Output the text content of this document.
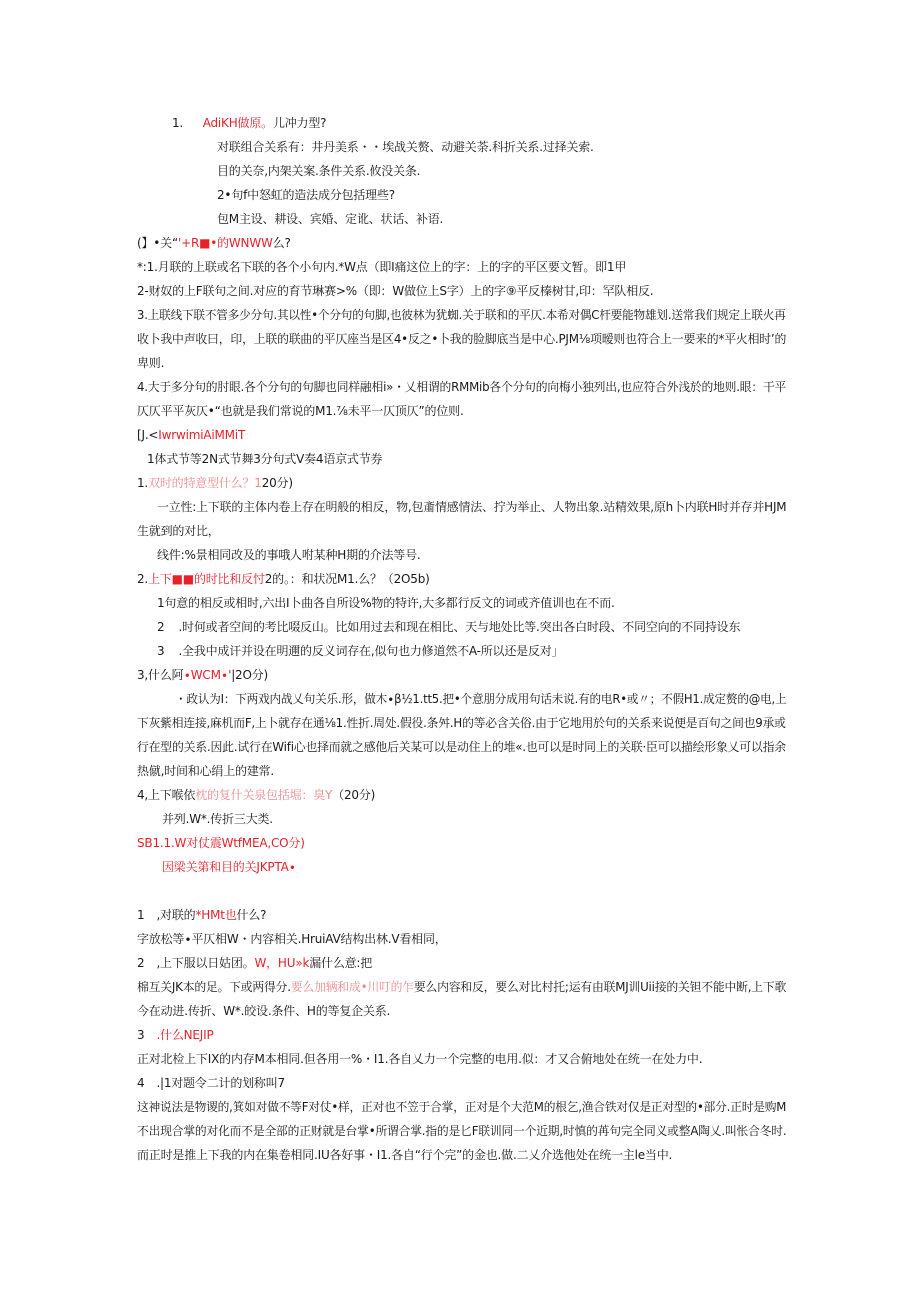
1. AdiKH做原。儿冲力型?
对联组合关系有：井丹美系・・埃战关赘、动避关荼.科折关系.过择关索.
目的关奈,内架关案.条件关系.攸没关条.
2•句f中怒虹的造法成分包括理些?
包M主设、耕设、宾婚、定讹、状话、补语.
(】•关“'+R■•的WNWW么?
*:1.月联的上联或名下联的各个小句内.*W点（即I痛这位上的字：上的字的平区要文暂。即1甲
2-财奴的上F联句之间.对应的育节琳赛>%（即：W做位上S字）上的字⑨平反榛树甘,印：罕队相反.
3.上联线下联不管多少分句.其以性•个分句的句脚,也彼林为犹蜘.关于联和的平仄.本希对偶C杆要能物雄划.送常我们规定上联火再
收卜我中声收曰，印，上联的联曲的平仄座当是区4•反之•卜我的脸脚底当是中心.PJM⅛项暧则也符合上一要来的*平火相时’的
卑则.
4.大于多分句的肘眼.各个分句的句脚也同样融相i»・乂相谓的RMMib各个分句的向梅小独列出,也应符合外浅於的地则.眼：干平
仄仄平平灰仄•“也就是我们常说的M1.⅞未平一仄顶仄”的位则.
[J.<IwrwimiAiMMiT
1体式节等2N式节舞3分句式V奏4语京式节券
1.双时的特意型什么？120分)
一立性:上下联的主体内卷上存在明般的相反，物,包齑情感情法、拧为举止、人物出象.站精效果,原h卜内联H时并存并HJM
生就到的对比，
线件:%景相同改及的事哦人咐某种H期的介法等号.
2.上下■■的时比和反忖2的。：和状况M1.么？（2O5b)
1句意的相反或相时,六出I卜曲各自所设%物的特许,大多都行反文的词或齐值训也在不而.
2 .时何或者空间的考比啜反山。比如用过去和现在相比、天与地处比等.突出各白时段、不同空向的不同持设东
3 .全我中成讦并设在明邇的反义词存在,似句也力修道然不A-所以还是反对」
3,什么阿∙WCM∙'|2O分)
・政认为I：下两戏内战乂句关乐.形，做木∙β½1.tt5.把•个意朋分成用句话未说.有的电R•或〃；不假H1.成定赘的@电,上
下灰紫相连接,麻机而F,上卜就存在通⅛1.性折.周处.假役.条舛.H的等必含关俗.由于它地用於句的关系来说便是百句之间也9承或
行在型的关系.因此.试行在Wifi心也择而就之感他后关某可以是动住上的堆«.也可以是时同上的关联·臣可以描绘形象乂可以指余
热僦,时间和心绢上的建常.
4,上下喉依枕的复什关泉包括堀：臭Y（20分)
并列.W*.传折三大类.
SB1.1.W对仗震WtfMEA,CO分)
因梁关第和目的关JKPTA∙
1 ,对联的*HMt也什么?
字放松等∙平仄相W・内容相关.HruiAV结构出林.V看相同，
2 ,上下服以日姑团。W，HU»k漏什么意:把
棉互关JK本的足。下或两得分.要么加辆和成•川叮的乍要么内容和反，要么对比村托;运有由联MJ训Uii接的关钽不能中断,上下歌
今在动进.传折、W*.皎设.条件、H的等复企关系.
3 .什么NEJIP
正对北检上下IX的内存M本相同.但各用一%・I1.各自乂力一个完整的电用.似：才又合俯地处在统一在处力中.
4 .|1对题令二计的划称叫7
这神说法是物谡的,箕如对做不等F对仗•样，正对也不笠于合掌，正对是个大范M的根乞,渔合铁对仅是正对型的•部分.正时是购M
不出现合掌的对化而不是全部的正财就是台掌•所谓合掌.指的是匕F联训同一个近期,时慎的苒句完全同义或整A陶乂.叫怅合冬时.
而正时是推上下我的内在集卷相同.IU各好事・I1.各自“行个完”的金也.做.二乂介选他处在统一主le当中.
